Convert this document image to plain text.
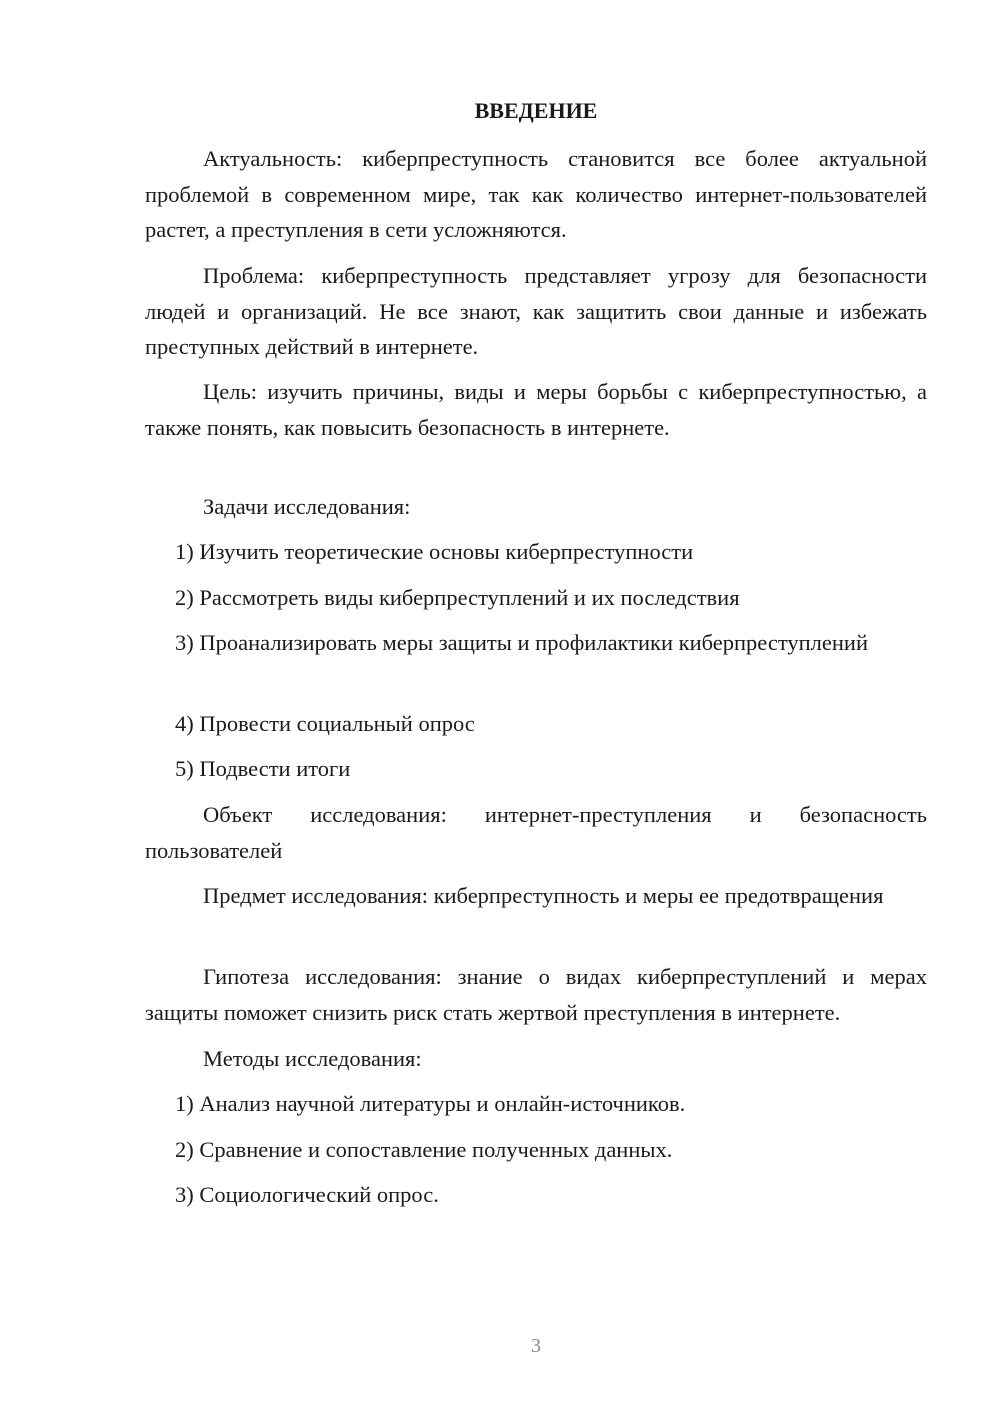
ВВЕДЕНИЕ

Актуальность: киберпреступность становится все более актуальной проблемой в современном мире, так как количество интернет-пользователей растет, а преступления в сети усложняются.

Проблема: киберпреступность представляет угрозу для безопасности людей и организаций. Не все знают, как защитить свои данные и избежать преступных действий в интернете.

Цель: изучить причины, виды и меры борьбы с киберпреступностью, а также понять, как повысить безопасность в интернете.

Задачи исследования:

1) Изучить теоретические основы киберпреступности

2) Рассмотреть виды киберпреступлений и их последствия

3) Проанализировать меры защиты и профилактики киберпреступлений

4) Провести социальный опрос

5) Подвести итоги

Объект исследования: интернет-преступления и безопасность пользователей

Предмет исследования: киберпреступность и меры ее предотвращения

Гипотеза исследования: знание о видах киберпреступлений и мерах защиты поможет снизить риск стать жертвой преступления в интернете.

Методы исследования:

1) Анализ научной литературы и онлайн-источников.

2) Сравнение и сопоставление полученных данных.

3) Социологический опрос.

3
